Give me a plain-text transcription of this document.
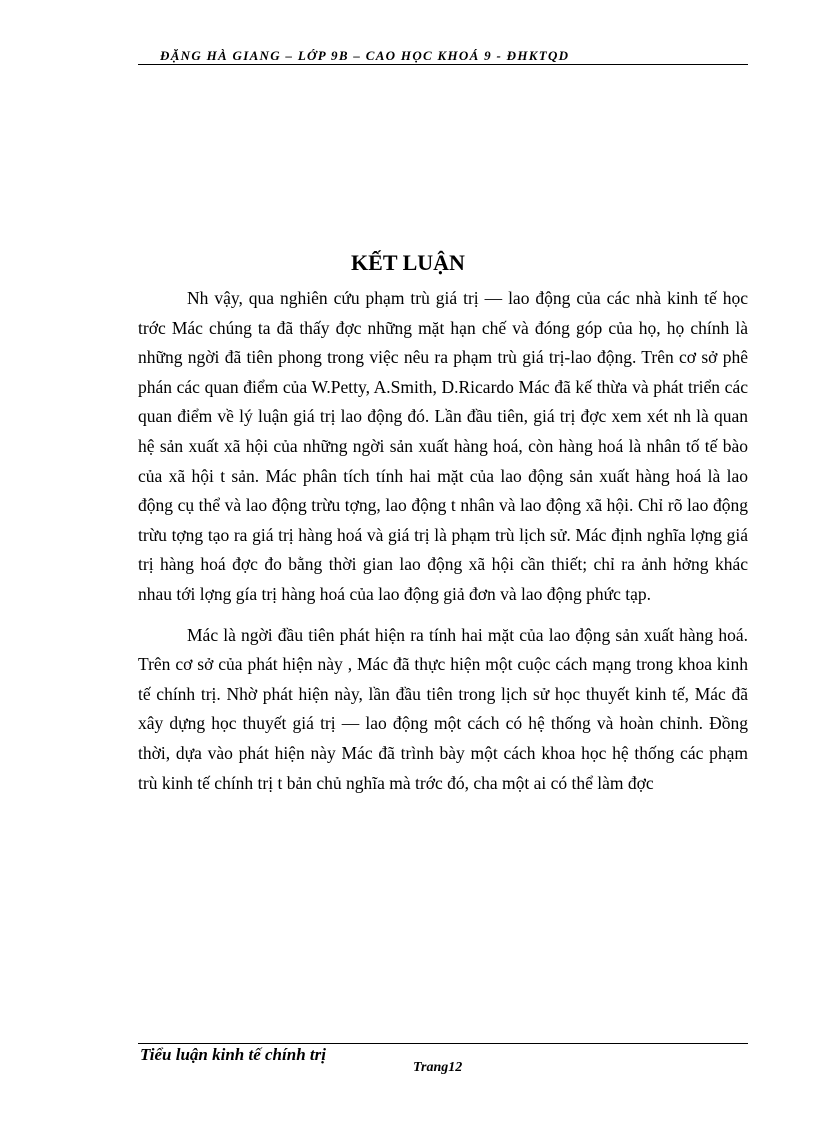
ĐẶNG HÀ GIANG – LỚP 9B – CAO HỌC KHOÁ 9 - ĐHKTQD
KẾT LUẬN

Nh vậy, qua nghiên cứu phạm trù giá trị — lao động của các nhà kinh tế học trớc Mác chúng ta đã thấy đợc những mặt hạn chế và đóng góp của họ, họ chính là những ngời đã tiên phong trong việc nêu ra phạm trù giá trị-lao động. Trên cơ sở phê phán các quan điểm của W.Petty, A.Smith, D.Ricardo Mác đã kế thừa và phát triển các quan điểm về lý luận giá trị lao động đó. Lần đầu tiên, giá trị đợc xem xét nh là quan hệ sản xuất xã hội của những ngời sản xuất hàng hoá, còn hàng hoá là nhân tố tế bào của xã hội t sản. Mác phân tích tính hai mặt của lao động sản xuất hàng hoá là lao động cụ thể và lao động trừu tợng, lao động t nhân và lao động xã hội. Chỉ rõ lao động trừu tợng tạo ra giá trị hàng hoá và giá trị là phạm trù lịch sử. Mác định nghĩa lợng giá trị hàng hoá đợc đo bằng thời gian lao động xã hội cần thiết; chỉ ra ảnh hởng khác nhau tới lợng gía trị hàng hoá của lao động giả đơn và lao động phức tạp.

Mác là ngời đầu tiên phát hiện ra tính hai mặt của lao động sản xuất hàng hoá. Trên cơ sở của phát hiện này , Mác đã thực hiện một cuộc cách mạng trong khoa kinh tế chính trị. Nhờ phát hiện này, lần đầu tiên trong lịch sử học thuyết kinh tế, Mác đã xây dựng học thuyết giá trị — lao động một cách có hệ thống và hoàn chỉnh. Đồng thời, dựa vào phát hiện này Mác đã trình bày một cách khoa học hệ thống các phạm trù kinh tế chính trị t bản chủ nghĩa mà trớc đó, cha một ai có thể làm đợc

Tiểu luận kinh tế chính trị
Trang12
